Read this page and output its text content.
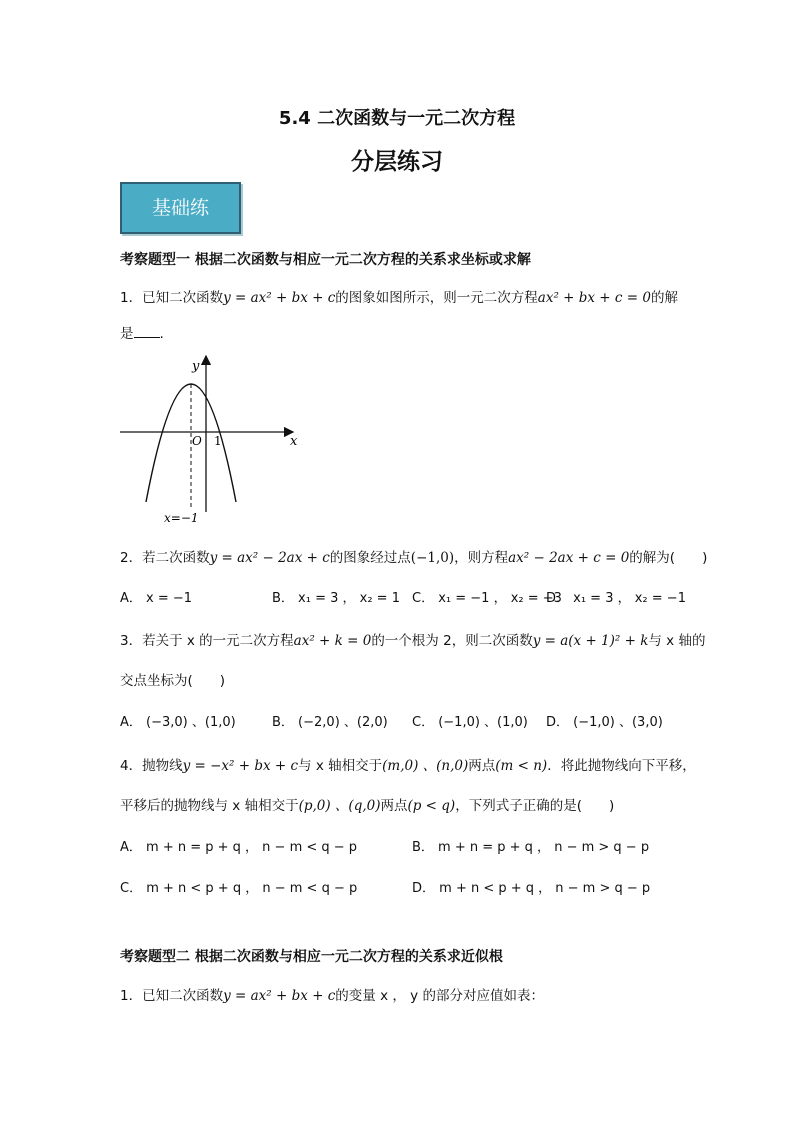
5.4 二次函数与一元二次方程
分层练习
基础练
考察题型一 根据二次函数与相应一元二次方程的关系求坐标或求解
1．已知二次函数y = ax² + bx + c的图象如图所示，则一元二次方程ax² + bx + c = 0的解
是 .
y
x
O 1
x=−1
2．若二次函数y = ax² − 2ax + c的图象经过点(−1,0)，则方程ax² − 2ax + c = 0的解为(　　)
A． x = −1	B． x₁ = 3 ， x₂ = 1 C． x₁ = −1 ， x₂ = −3
D． x₁ = 3 ， x₂ = −1
3．若关于 x 的一元二次方程ax² + k = 0的一个根为 2，则二次函数y = a(x + 1)² + k与 x 轴的
交点坐标为(　　)
A． (−3,0) 、(1,0)	B． (−2,0) 、(2,0) C． (−1,0) 、(1,0) D． (−1,0) 、(3,0)
4．抛物线y = −x² + bx + c与 x 轴相交于(m,0) 、(n,0)两点(m < n)．将此抛物线向下平移，
平移后的抛物线与 x 轴相交于(p,0) 、(q,0)两点(p < q)，下列式子正确的是(　　)
A． m + n = p + q ， n − m < q − p	B． m + n = p + q ， n − m > q − p
C． m + n < p + q ， n − m < q − p	D． m + n < p + q ， n − m > q − p
考察题型二 根据二次函数与相应一元二次方程的关系求近似根
1．已知二次函数y = ax² + bx + c的变量 x ， y 的部分对应值如表：
